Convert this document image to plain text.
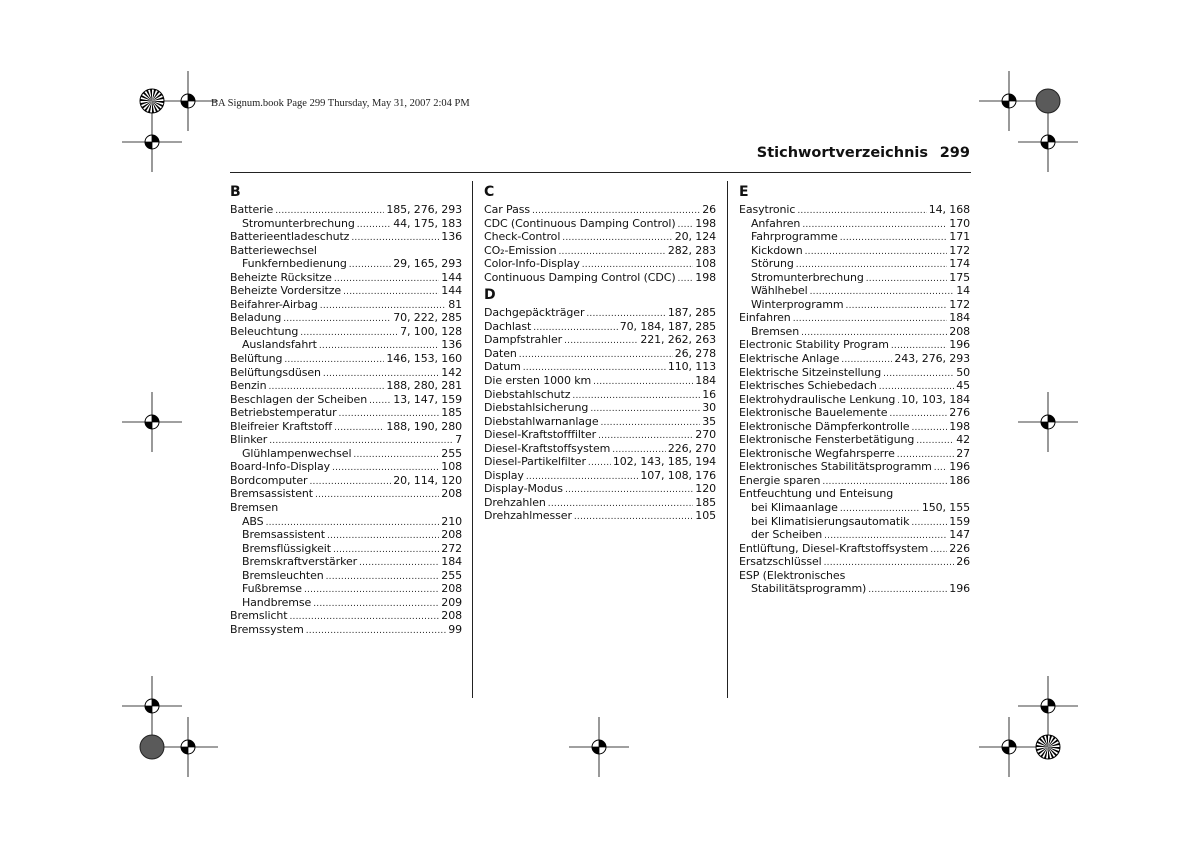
BA Signum.book Page 299 Thursday, May 31, 2007 2:04 PM
Stichwortverzeichnis 299
B
Batterie .....	185, 276, 293
Stromunterbrechung .....	44, 175, 183
Batterieentladeschutz .....	136
Batteriewechsel
Funkfernbedienung .....	29, 165, 293
Beheizte Rücksitze .....	144
Beheizte Vordersitze .....	144
Beifahrer-Airbag .....	81
Beladung .....	70, 222, 285
Beleuchtung .....	7, 100, 128
Auslandsfahrt .....	136
Belüftung .....	146, 153, 160
Belüftungsdüsen .....	142
Benzin .....	188, 280, 281
Beschlagen der Scheiben ..... 13, 147, 159
Betriebstemperatur .....	185
Bleifreier Kraftstoff .....	188, 190, 280
Blinker .....	7
Glühlampenwechsel .....	255
Board-Info-Display .....	108
Bordcomputer .....	20, 114, 120
Bremsassistent .....	208
Bremsen
ABS .....	210
Bremsassistent .....	208
Bremsflüssigkeit .....	272
Bremskraftverstärker .....	184
Bremsleuchten .....	255
Fußbremse .....	208
Handbremse .....	209
Bremslicht .....	208
Bremssystem .....	99
C
Car Pass .....	26
CDC (Continuous Damping Control) ..... 198
Check-Control .....	20, 124
CO₂-Emission .....	282, 283
Color-Info-Display .....	108
Continuous Damping Control (CDC) ..... 198
D
Dachgepäckträger .....	187, 285
Dachlast .....	70, 184, 187, 285
Dampfstrahler .....	221, 262, 263
Daten .....	26, 278
Datum .....	110, 113
Die ersten 1000 km .....	184
Diebstahlschutz .....	16
Diebstahlsicherung .....	30
Diebstahlwarnanlage .....	35
Diesel-Kraftstofffilter .....	270
Diesel-Kraftstoffsystem .....	226, 270
Diesel-Partikelfilter ..... 102, 143, 185, 194
Display .....	107, 108, 176
Display-Modus .....	120
Drehzahlen .....	185
Drehzahlmesser .....	105
E
Easytronic .....	14, 168
Anfahren .....	170
Fahrprogramme .....	171
Kickdown .....	172
Störung .....	174
Stromunterbrechung .....	175
Wählhebel .....	14
Winterprogramm .....	172
Einfahren .....	184
Bremsen .....	208
Electronic Stability Program .....	196
Elektrische Anlage .....	243, 276, 293
Elektrische Sitzeinstellung .....	50
Elektrisches Schiebedach .....	45
Elektrohydraulische Lenkung ..... 10, 103, 184
Elektronische Bauelemente .....	276
Elektronische Dämpferkontrolle .....	198
Elektronische Fensterbetätigung .....	42
Elektronische Wegfahrsperre .....	27
Elektronisches Stabilitätsprogramm ..... 196
Energie sparen .....	186
Entfeuchtung und Enteisung
bei Klimaanlage .....	150, 155
bei Klimatisierungsautomatik .....	159
der Scheiben .....	147
Entlüftung, Diesel-Kraftstoffsystem ..... 226
Ersatzschlüssel .....	26
ESP (Elektronisches
Stabilitätsprogramm) .....	196
